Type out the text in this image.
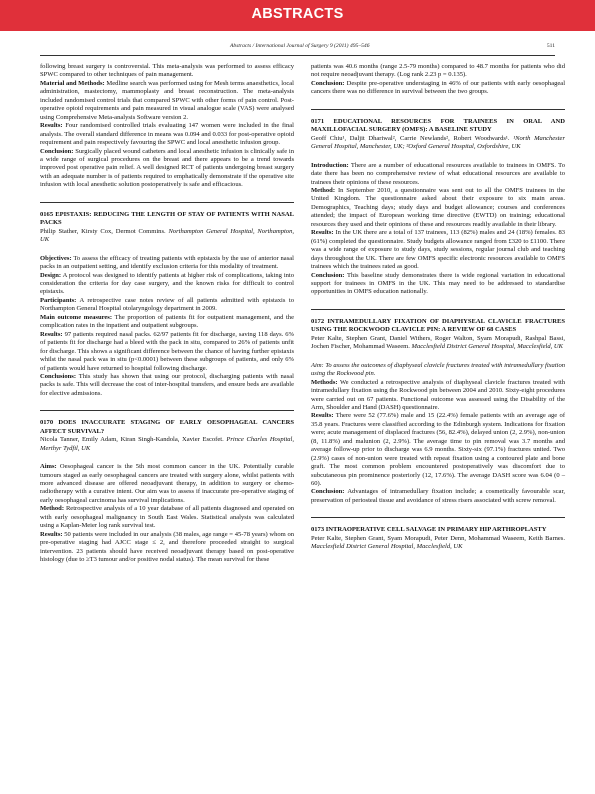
ABSTRACTS
Abstracts / International Journal of Surgery 9 (2011) 495–546	511

following breast surgery is controversial. This meta-analysis was performed to assess efficacy SPWC compared to other techniques of pain management.

Material and Methods: Medline search was performed using for Mesh terms anaesthetics, local administration, mastectomy, mammoplasty and breast reconstruction. The meta-analysis included randomised control trials that compared SPWC with other forms of pain control. Post-operative opioid requirements and pain measured in visual analogue scale (VAS) were analysed using Comprehensive Meta-analysis Software version 2.

Results: Four randomised controlled trials evaluating 147 women were included in the final analysis. The overall standard difference in means was 0.094 and 0.033 for post-operative opioid requirement and pain respectively favouring the SPWC and local anesthetic infusion group.

Conclusion: Surgically placed wound catheters and local anesthetic infusion is clinically safe in a wide range of surgical procedures on the breast and there appears to be a trend towards improved post operative pain relief. A well designed RCT of patients undergoing breast surgery with an adequate number is of patients required to emphatically demonstrate if the operative site infusion with local anesthetic solution postoperatively is safe and efficacious.

0165 EPISTAXIS: REDUCING THE LENGTH OF STAY OF PATIENTS WITH NASAL PACKS

Philip Stather, Kirsty Cox, Dermot Commins. Northampton General Hospital, Northampton, UK

Objectives: To assess the efficacy of treating patients with epistaxis by the use of anterior nasal packs in an outpatient setting, and identify exclusion criteria for this modality of treatment.

Design: A protocol was designed to identify patients at higher risk of complications, taking into consideration the criteria for day case surgery, and the known risks for difficult to control epistaxis.

Participants: A retrospective case notes review of all patients admitted with epistaxis to Northampton General Hospital otolaryngology department in 2009.

Main outcome measures: The proportion of patients fit for outpatient management, and the complication rates in the inpatient and outpatient subgroups.

Results: 97 patients required nasal packs. 62/97 patients fit for discharge, saving 118 days. 6% of patients fit for discharge had a bleed with the pack in situ, compared to 26% of patients unfit for discharge. This shows a significant difference between the chance of having further epistaxis whilst the nasal pack was in situ (p<0.0001) between these subgroups of patients, and only 6% of patients would have returned to hospital following discharge.

Conclusions: This study has shown that using our protocol, discharging patients with nasal packs is safe. This will decrease the cost of inter-hospital transfers, and ensure beds are available for elective admissions.

0170 DOES INACCURATE STAGING OF EARLY OESOPHAGEAL CANCERS AFFECT SURVIVAL?

Nicola Tanner, Emily Adam, Kiran Singh-Kandola, Xavier Escofet. Prince Charles Hospital, Merthyr Tydfil, UK

Aims: Oesophageal cancer is the 5th most common cancer in the UK. Potentially curable tumours staged as early oesophageal cancers are treated with surgery alone, whilst patients with more advanced disease are offered neoadjuvant therapy, in addition to surgery or chemo-radiotherapy with a curative intent. Our aim was to assess if inaccurate pre-operative staging of early oesophageal carcinoma has survival implications.

Method: Retrospective analysis of a 10 year database of all patients diagnosed and operated on with early oesophageal malignancy in South East Wales. Statistical analysis was calculated using a Kaplan-Meier log rank survival test.

Results: 50 patients were included in our analysis (38 males, age range = 45-78 years) whom on pre-operative staging had AJCC stage ≤ 2, and therefore proceeded straight to surgical intervention. 23 patients should have received neoadjuvant therapy based on post-operative histology (due to ≥T3 tumour and/or positive nodal status). The mean survival for these

patients was 40.6 months (range 2.5-79 months) compared to 48.7 months for patients who did not require neoadjuvant therapy. (Log rank 2.23 p = 0.135).

Conclusion: Despite pre-operative understaging in 46% of our patients with early oesophageal cancers there was no difference in survival between the two groups.

0171 EDUCATIONAL RESOURCES FOR TRAINEES IN ORAL AND MAXILLOFACIAL SURGERY (OMFS): A BASELINE STUDY

Geoff Chiu¹, Daljit Dhariwal², Carrie Newlands², Robert Woodwards¹. ¹North Manchester General Hospital, Manchester, UK; ²Oxford General Hospital, Oxfordshire, UK

Introduction: There are a number of educational resources available to trainees in OMFS. To date there has been no comprehensive review of what educational resources are available to trainees their opinions of these resources.

Method: In September 2010, a questionnaire was sent out to all the OMFS trainees in the United Kingdom. The questionnaire asked about their exposure to six main areas. Demographics, Teaching days; study days and budget allowance; courses and conferences attended; the impact of European working time directive (EWTD) on training; educational resources they used and their opinions of these and resources readily available in their library.

Results: In the UK there are a total of 137 trainees, 113 (82%) males and 24 (18%) females. 83 (61%) completed the questionnaire. Study budgets allowance ranged from £320 to £1100. There was a wide range of exposure to study days, study sessions, regular journal club and teaching days throughout the UK. There are few OMFS specific electronic resources available to OMFS trainees which the trainees rated as good.

Conclusion: This baseline study demonstrates there is wide regional variation in educational support for trainees in OMFS in the UK. This may need to be addressed to standardise opportunities in OMFS education nationally.

0172 INTRAMEDULLARY FIXATION OF DIAPHYSEAL CLAVICLE FRACTURES USING THE ROCKWOOD CLAVICLE PIN: A REVIEW OF 68 CASES

Peter Kalte, Stephen Grant, Daniel Withers, Roger Walton, Syam Morapudi, Rashpal Bassi, Jochen Fischer, Mohammad Waseem. Macclesfield District General Hospital, Macclesfield, UK

Aim: To assess the outcomes of diaphyseal clavicle fractures treated with intramedullary fixation using the Rockwood pin.

Methods: We conducted a retrospective analysis of diaphyseal clavicle fractures treated with intramedullary fixation using the Rockwood pin between 2004 and 2010. Sixty-eight procedures were carried out on 67 patients. Functional outcome was assessed using the Disability of the Arm, Shoulder and Hand (DASH) questionnaire.

Results: There were 52 (77.6%) male and 15 (22.4%) female patients with an average age of 35.8 years. Fractures were classified according to the Edinburgh system. Indications for fixation were; acute management of displaced fractures (56, 82.4%), delayed union (2, 2.9%), non-union (8, 11.8%) and malunion (2, 2.9%). The average time to pin removal was 3.7 months and average follow-up prior to discharge was 6.9 months. Sixty-six (97.1%) fractures united. Two (2.9%) cases of non-union were treated with repeat fixation using a contoured plate and bone graft. The most common problem encountered postoperatively was discomfort due to subcutaneous pin prominence posteriorly (12, 17.6%). The average DASH score was 6.04 (0 – 60).

Conclusion: Advantages of intramedullary fixation include; a cosmetically favourable scar, preservation of periosteal tissue and avoidance of stress risers associated with screw removal.

0173 INTRAOPERATIVE CELL SALVAGE IN PRIMARY HIP ARTHROPLASTY

Peter Kalte, Stephen Grant, Syam Morapudi, Peter Denn, Mohammad Waseem, Keith Barnes. Macclesfield District General Hospital, Macclesfield, UK
